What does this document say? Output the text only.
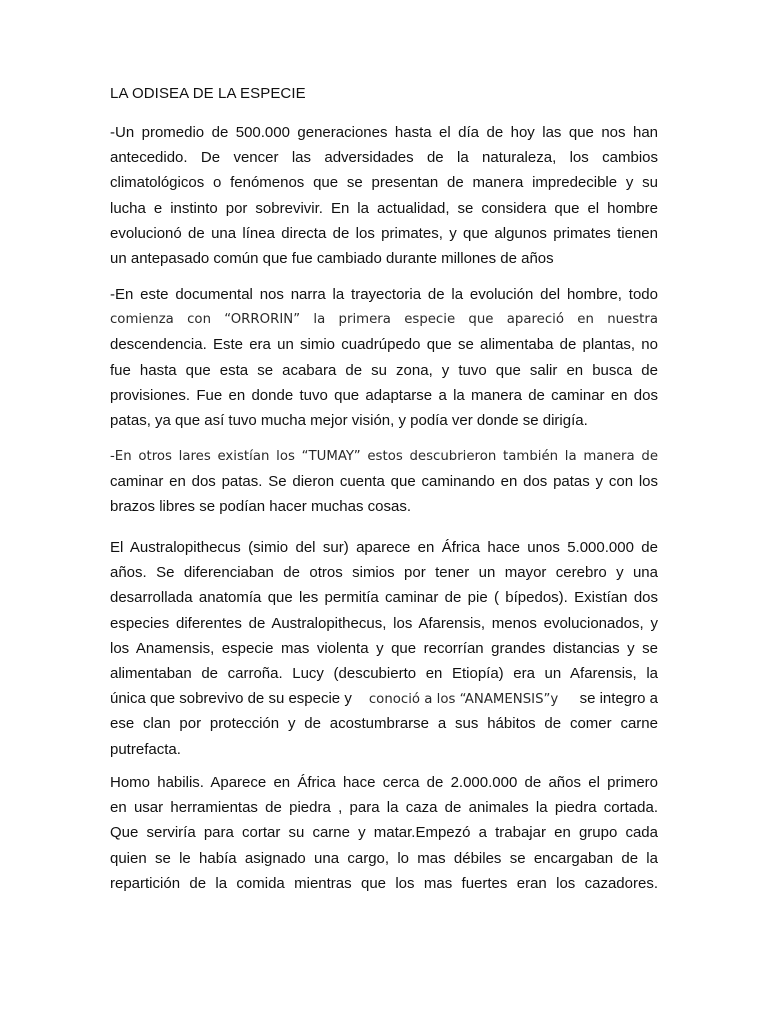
LA ODISEA DE LA ESPECIE
-Un promedio de 500.000 generaciones hasta el día de hoy las que nos han
antecedido. De vencer las adversidades de la naturaleza, los cambios
climatológicos o fenómenos que se presentan de manera impredecible y su
lucha e instinto por sobrevivir. En la actualidad, se considera que el hombre
evolucionó de una línea directa de los primates, y que algunos primates tienen
un antepasado común que fue cambiado durante millones de años
-En este documental nos narra la trayectoria de la evolución del hombre, todo
comienza con “ORRORIN” la primera especie que apareció en nuestra
descendencia. Este era un simio cuadrúpedo que se alimentaba de plantas, no
fue hasta que esta se acabara de su zona, y tuvo que salir en busca de
provisiones. Fue en donde tuvo que adaptarse a la manera de caminar en dos
patas, ya que así tuvo mucha mejor visión, y podía ver donde se dirigía.
-En otros lares existían los “TUMAY” estos descubrieron también la manera de
caminar en dos patas. Se dieron cuenta que caminando en dos patas y con los
brazos libres se podían hacer muchas cosas.
El Australopithecus (simio del sur) aparece en África hace unos 5.000.000 de
años. Se diferenciaban de otros simios por tener un mayor cerebro y una
desarrollada anatomía que les permitía caminar de pie ( bípedos). Existían dos
especies diferentes de Australopithecus, los Afarensis, menos evolucionados, y
los Anamensis, especie mas violenta y que recorrían grandes distancias y se
alimentaban de carroña. Lucy (descubierto en Etiopía) era un Afarensis, la
única que sobrevivo de su especie y conoció a los “ANAMENSIS”y se integro a
ese clan por protección y de acostumbrarse a sus hábitos de comer carne
putrefacta.
Homo habilis. Aparece en África hace cerca de 2.000.000 de años el primero
en usar herramientas de piedra , para la caza de animales la piedra cortada.
Que serviría para cortar su carne y matar.Empezó a trabajar en grupo cada
quien se le había asignado una cargo, lo mas débiles se encargaban de la
repartición de la comida mientras que los mas fuertes eran los cazadores.
